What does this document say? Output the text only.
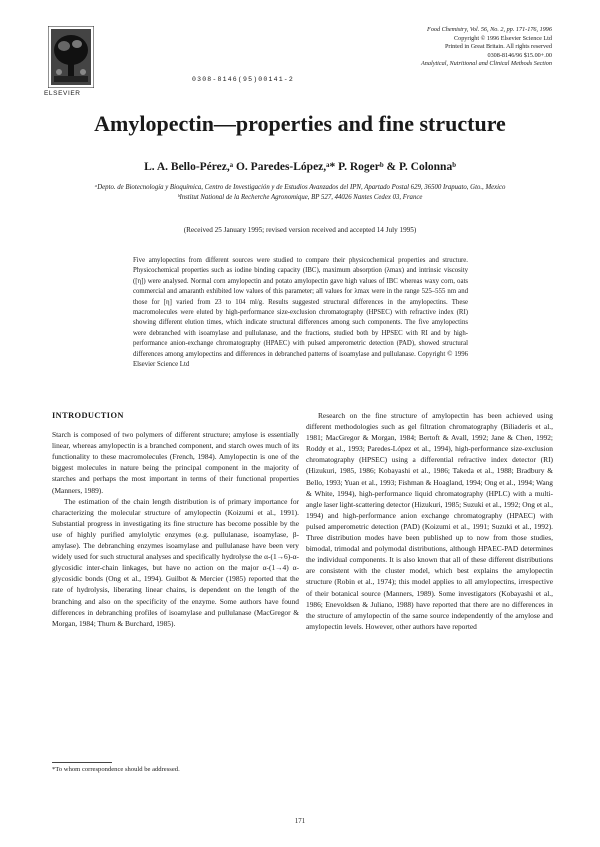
ELSEVIER
0308-8146(95)00141-2
Food Chemistry, Vol. 56, No. 2, pp. 171-176, 1996
Copyright © 1996 Elsevier Science Ltd
Printed in Great Britain. All rights reserved
0308-8146/96 $15.00+.00
Analytical, Nutritional and Clinical Methods Section
Amylopectin—properties and fine structure
L. A. Bello-Pérez,ᵃ O. Paredes-López,ᵃ* P. Rogerᵇ & P. Colonnaᵇ
ᵃDepto. de Biotecnología y Bioquímica, Centro de Investigación y de Estudios Avanzados del IPN, Apartado Postal 629, 36500 Irapuato, Gto., Mexico
ᵇInstitut National de la Recherche Agronomique, BP 527, 44026 Nantes Cedex 03, France
(Received 25 January 1995; revised version received and accepted 14 July 1995)
Five amylopectins from different sources were studied to compare their physicochemical properties and structure. Physicochemical properties such as iodine binding capacity (IBC), maximum absorption (λmax) and intrinsic viscosity ([η]) were analysed. Normal corn amylopectin and potato amylopectin gave high values of IBC whereas waxy corn, oats commercial and amaranth exhibited low values of this parameter; all values for λmax were in the range 525–555 nm and those for [η] varied from 23 to 104 ml/g. Results suggested structural differences in the amylopectins. These macromolecules were eluted by high-performance size-exclusion chromatography (HPSEC) with refractive index (RI) showing different elution times, which indicate structural differences among such components. The five amylopectins were debranched with isoamylase and pullulanase, and the fractions, studied both by HPSEC with RI and by high-performance anion-exchange chromatography (HPAEC) with pulsed amperometric detection (PAD), showed structural differences among amylopectins and differences in debranched patterns of isoamylase and pullulanase. Copyright © 1996 Elsevier Science Ltd
INTRODUCTION

Starch is composed of two polymers of different structure; amylose is essentially linear, whereas amylopectin is a branched component, and starch owes much of its functionality to these macromolecules (French, 1984). Amylopectin is one of the biggest molecules in nature being the principal component in the majority of starches and perhaps the most important in terms of their functional properties (Manners, 1989).

The estimation of the chain length distribution is of primary importance for characterizing the molecular structure of amylopectin (Koizumi et al., 1991). Substantial progress in investigating its fine structure has become possible by the use of highly purified amylolytic enzymes (e.g. pullulanase, isoamylase, β-amylase). The debranching enzymes isoamylase and pullulanase have been very widely used for such structural analyses and specifically hydrolyse the α-(1→6)-α-glycosidic inter-chain linkages, but have no action on the major α-(1→4) α-glycosidic bonds (Ong et al., 1994). Guilbot & Mercier (1985) reported that the rate of hydrolysis, liberating linear chains, is dependent on the length of the branching and also on the specificity of the enzyme. Some authors have found differences in debranching profiles of isoamylase and pullulanase (MacGregor & Morgan, 1984; Thurn & Burchard, 1985).

Research on the fine structure of amylopectin has been achieved using different methodologies such as gel filtration chromatography (Biliaderis et al., 1981; MacGregor & Morgan, 1984; Bertoft & Avall, 1992; Jane & Chen, 1992; Roddy et al., 1993; Paredes-López et al., 1994), high-performance size-exclusion chromatography (HPSEC) using a differential refractive index detector (RI) (Hizukuri, 1985, 1986; Kobayashi et al., 1986; Takeda et al., 1988; Bradbury & Bello, 1993; Yuan et al., 1993; Fishman & Hoagland, 1994; Ong et al., 1994; Wang & White, 1994), high-performance liquid chromatography (HPLC) with a multi-angle laser light-scattering detector (Hizukuri, 1985; Suzuki et al., 1992; Ong et al., 1994) and high-performance anion exchange chromatography (HPAEC) with pulsed amperometric detection (PAD) (Koizumi et al., 1991; Suzuki et al., 1992). Three distribution modes have been published up to now from those studies, bimodal, trimodal and polymodal distributions, although HPAEC-PAD determines the individual components. It is also known that all of these different distributions are consistent with the cluster model, which best explains the amylopectin structure (Robin et al., 1974); this model applies to all amylopectins, irrespective of their botanical source (Manners, 1989). Some investigators (Kobayashi et al., 1986; Enevoldsen & Juliano, 1988) have reported that there are no differences in the structure of amylopectin of the same source independently of the amylose and amylopectin levels. However, other authors have reported

*To whom correspondence should be addressed.
171
